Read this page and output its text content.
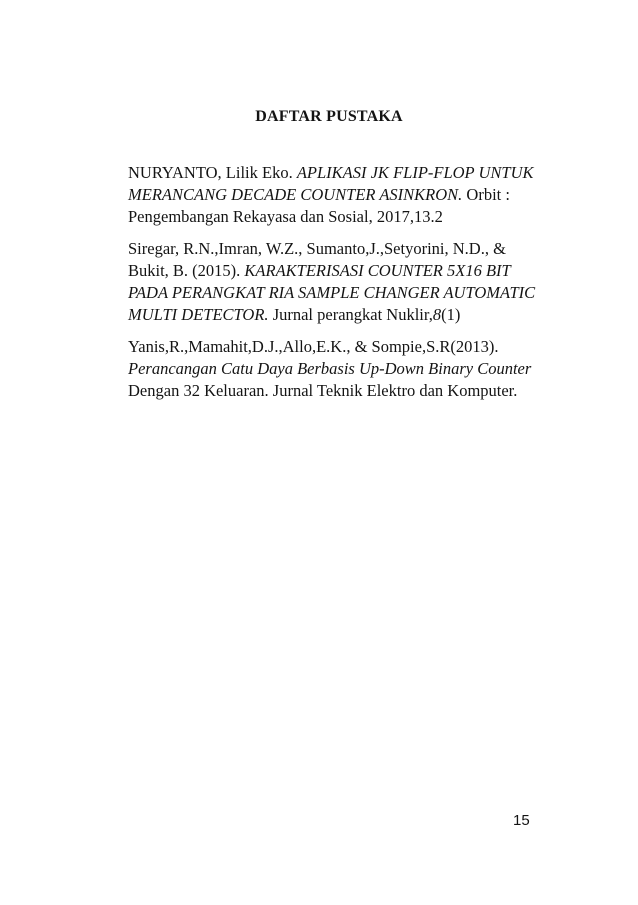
DAFTAR PUSTAKA

NURYANTO, Lilik Eko. APLIKASI JK FLIP-FLOP UNTUK MERANCANG DECADE COUNTER ASINKRON. Orbit : Pengembangan Rekayasa dan Sosial, 2017,13.2

Siregar, R.N.,Imran, W.Z., Sumanto,J.,Setyorini, N.D., & Bukit, B. (2015). KARAKTERISASI COUNTER 5X16 BIT PADA PERANGKAT RIA SAMPLE CHANGER AUTOMATIC MULTI DETECTOR. Jurnal perangkat Nuklir,8(1)

Yanis,R.,Mamahit,D.J.,Allo,E.K., & Sompie,S.R(2013). Perancangan Catu Daya Berbasis Up-Down Binary Counter Dengan 32 Keluaran. Jurnal Teknik Elektro dan Komputer.

15
